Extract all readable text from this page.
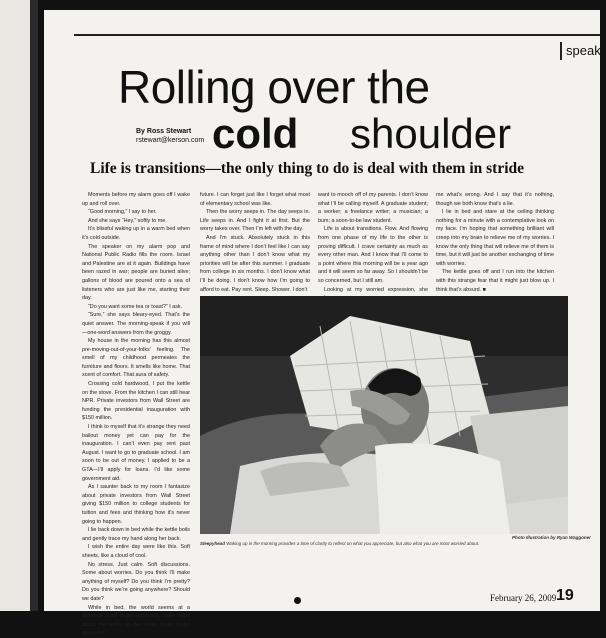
speak
Rolling over the
By Ross Stewart
rstewart@kerson.com cold shoulder
Life is transitions—the only thing to do is deal with them in stride

Moments before my alarm goes off I wake up and roll over.

“Good morning,” I say to her.

And she says “Hey,” softly to me.

It’s blissful waking up in a warm bed when it’s cold outside.

The speaker on my alarm pop and National Public Radio fills the room. Israel and Palestine are at it again. Buildings have been razed in war; people are buried alive; gallons of blood are poured onto a sea of listeners who are just like me, starting their day.

“Do you want some tea or toast?” I ask.

“Sure,” she says bleary-eyed. That’s the quiet answer. The morning-speak if you will—one-word answers from the groggy.

My house in the morning has this almost pre-moving-out-of-your-folks’ feeling. The smell of my childhood permeates the furniture and floors. It smells like home. That scent of comfort. That aura of safety.

Crossing cold hardwood, I put the kettle on the stove. From the kitchen I can still hear NPR. Private investors from Wall Street are funding the presidential inauguration with $150 million.

I think to myself that it’s strange they need bailout money yet can pay for the inauguration. I can’t even pay rent past August. I want to go to graduate school. I am soon to be out of money. I applied to be a GTA—I’ll apply for loans. I’d like some government aid.

As I saunter back to my room I fantasize about private investors from Wall Street giving $150 million to college students for tuition and fees and thinking how it’s never going to happen.

I lie back down in bed while the kettle boils and gently trace my hand along her back.

I wish the entire day were like this. Soft sheets, like a cloud of cool.

No stress. Just calm. Soft discussions. Some about worries. Do you think I’ll make anything of myself? Do you think I’m pretty? Do you think we’re going anywhere? Should we date?

While in bed, the world seems at a distance. I can forget about war. I can forget about the kettle on the stove. I can forget about the

future. I can forget just like I forget what most of elementary school was like.

Then the worry seeps in. The day seeps in. Life seeps in. And I fight it at first. But the worry takes over. Then I’m left with the day.

And I’m stuck. Absolutely stuck in this frame of mind where I don’t feel like I can say anything other than I don’t know what my priorities will be after this summer. I graduate from college in six months. I don’t know what I’ll be doing. I don’t know how I’m going to afford to eat. Pay rent. Sleep. Shower. I don’t

want to mooch off of my parents. I don’t know what I’ll be calling myself. A graduate student; a worker; a freelance writer; a musician; a bum; a soon-to-be law student.

Life is about transitions. Flow. And flowing from one phase of my life to the other is proving difficult. I crave certainty as much as every other man. And I know that I’ll come to a point where this morning will be a year ago and it will seem so far away. So I shouldn’t be so concerned, but I still am.

Looking at my worried expression, she

me what’s wrong. And I say that it’s nothing, though we both know that’s a lie.

I lie in bed and stare at the ceiling thinking nothing for a minute with a contemplative look on my face. I’m hoping that something brilliant will creep into my brain to relieve me of my worries. I know the only thing that will relieve me of them is time, but it will just be another exchanging of time with worries.

The kettle goes off and I run into the kitchen with this strange fear that it might just blow up. I think that’s absurd. ■

Photo Illustration by Ryan Waggoner
Sleepyhead Waking up in the morning provides a time of clarity to reflect on what you appreciate, but also what you are most worried about.
February 26, 2009 19
